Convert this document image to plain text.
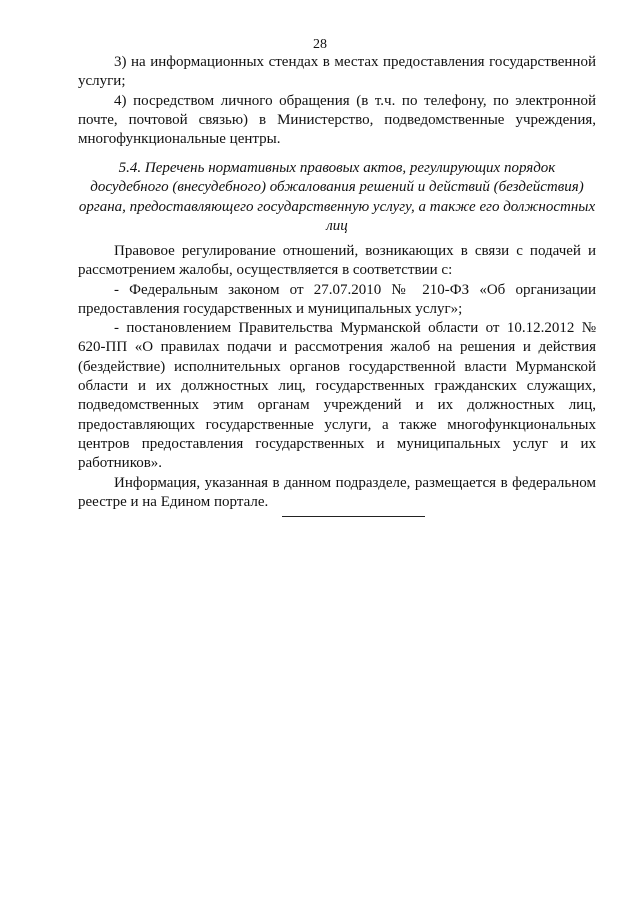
28

3) на информационных стендах в местах предоставления государственной услуги;

4) посредством личного обращения (в т.ч. по телефону, по электронной почте, почтовой связью) в Министерство, подведомственные учреждения, многофункциональные центры.

5.4. Перечень нормативных правовых актов, регулирующих порядок досудебного (внесудебного) обжалования решений и действий (бездействия) органа, предоставляющего государственную услугу, а также его должностных лиц

Правовое регулирование отношений, возникающих в связи с подачей и рассмотрением жалобы, осуществляется в соответствии с:

- Федеральным законом от 27.07.2010 № 210-ФЗ «Об организации предоставления государственных и муниципальных услуг»;

- постановлением Правительства Мурманской области от 10.12.2012 № 620-ПП «О правилах подачи и рассмотрения жалоб на решения и действия (бездействие) исполнительных органов государственной власти Мурманской области и их должностных лиц, государственных гражданских служащих, подведомственных этим органам учреждений и их должностных лиц, предоставляющих государственные услуги, а также многофункциональных центров предоставления государственных и муниципальных услуг и их работников».

Информация, указанная в данном подразделе, размещается в федеральном реестре и на Едином портале.
